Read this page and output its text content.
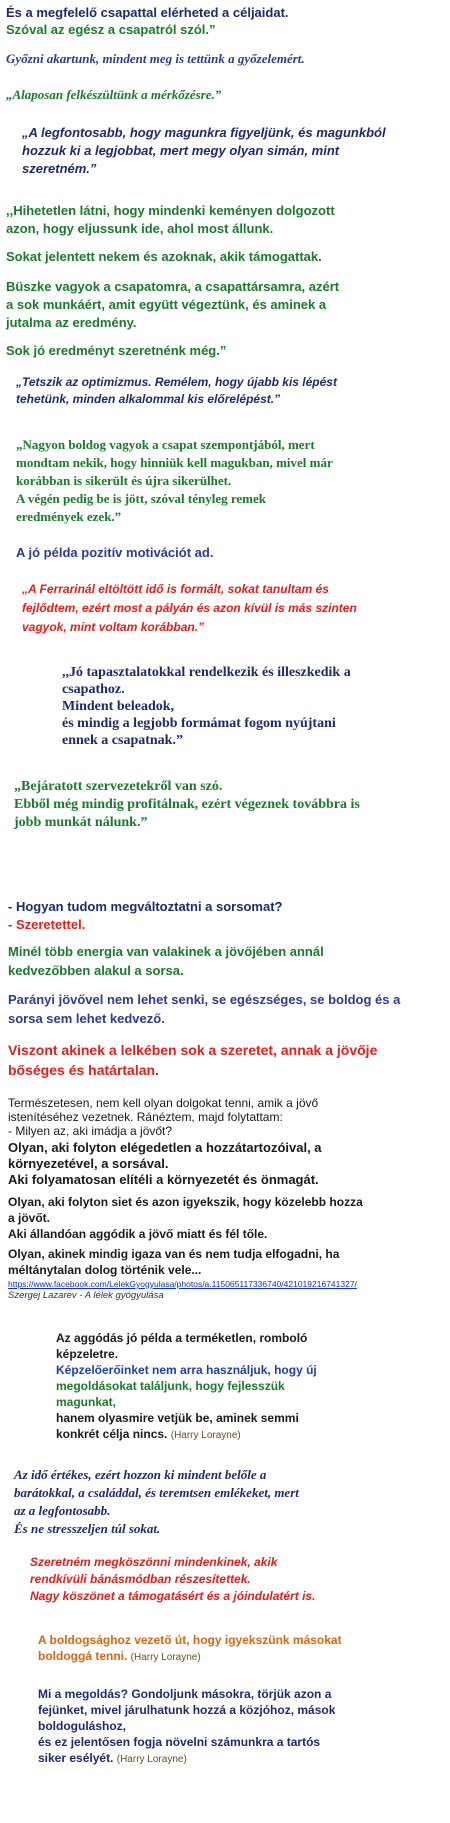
És a megfelelő csapattal elérheted a céljaidat.
Szóval az egész a csapatról szól.”
Győzni akartunk, mindent meg is tettünk a győzelemért.
„Alaposan felkészültünk a mérkőzésre.”
„A legfontosabb, hogy magunkra figyeljünk, és magunkból
hozzuk ki a legjobbat, mert megy olyan simán, mint
szeretném.”
,,Hihetetlen látni, hogy mindenki keményen dolgozott
azon, hogy eljussunk ide, ahol most állunk.
Sokat jelentett nekem és azoknak, akik támogattak.
Büszke vagyok a csapatomra, a csapattársamra, azért
a sok munkáért, amit együtt végeztünk, és aminek a
jutalma az eredmény.
Sok jó eredményt szeretnénk még.”
„Tetszik az optimizmus. Remélem, hogy újabb kis lépést
tehetünk, minden alkalommal kis előrelépést.”
„Nagyon boldog vagyok a csapat szempontjából, mert
mondtam nekik, hogy hinniük kell magukban, mivel már
korábban is sikerült és újra sikerülhet.
A végén pedig be is jött, szóval tényleg remek
eredmények ezek.”
A jó példa pozitív motivációt ad.
„A Ferrarinál eltöltött idő is formált, sokat tanultam és
fejlődtem, ezért most a pályán és azon kívül is más szinten
vagyok, mint voltam korábban.”
,,Jó tapasztalatokkal rendelkezik és illeszkedik a
csapathoz.
Mindent beleadok,
és mindig a legjobb formámat fogom nyújtani
ennek a csapatnak.”
„Bejáratott szervezetekről van szó.
Ebből még mindig profitálnak, ezért végeznek továbbra is
jobb munkát nálunk.”
- Hogyan tudom megváltoztatni a sorsomat?
- Szeretettel.
Minél több energia van valakinek a jövőjében annál
kedvezőbben alakul a sorsa.
Parányi jövővel nem lehet senki, se egészséges, se boldog és a
sorsa sem lehet kedvező.
Viszont akinek a lelkében sok a szeretet, annak a jövője
bőséges és határtalan.
Természetesen, nem kell olyan dolgokat tenni, amik a jövő
istenítéséhez vezetnek. Ránéztem, majd folytattam:
- Milyen az, aki imádja a jövőt?
Olyan, aki folyton elégedetlen a hozzátartozóival, a
környezetével, a sorsával.
Aki folyamatosan elítéli a környezetét és önmagát.
Olyan, aki folyton siet és azon igyekszik, hogy közelebb hozza
a jövőt.
Aki állandóan aggódik a jövő miatt és fél tőle.
Olyan, akinek mindig igaza van és nem tudja elfogadni, ha
méltánytalan dolog történik vele...
https://www.facebook.com/LelekGyogyulasa/photos/a.115065117336740/421019216741327/
Szergej Lazarev - A lélek gyógyulása
Az aggódás jó példa a terméketlen, romboló
képzeletre.
Képzelőerőinket nem arra használjuk, hogy új
megoldásokat találjunk, hogy fejlesszük
magunkat,
hanem olyasmire vetjük be, aminek semmi
konkrét célja nincs. (Harry Lorayne)
Az idő értékes, ezért hozzon ki mindent belőle a
barátokkal, a családdal, és teremtsen emlékeket, mert
az a legfontosabb.
És ne stresszeljen túl sokat.
Szeretném megköszönni mindenkinek, akik
rendkívüli bánásmódban részesítettek.
Nagy köszönet a támogatásért és a jóindulatért is.
A boldogsághoz vezető út, hogy igyekszünk másokat
boldoggá tenni. (Harry Lorayne)
Mi a megoldás? Gondoljunk másokra, törjük azon a
fejünket, mivel járulhatunk hozzá a közjóhoz, mások
boldoguláshoz,
és ez jelentősen fogja növelni számunkra a tartós
siker esélyét. (Harry Lorayne)
